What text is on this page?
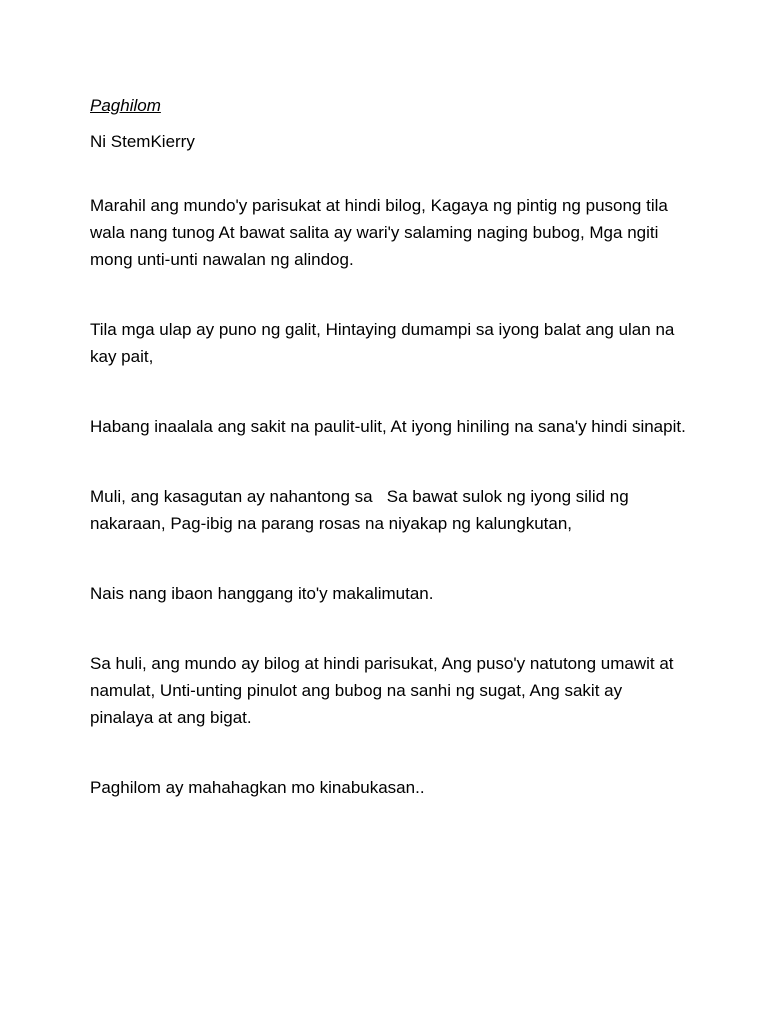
Paghilom
Ni StemKierry

Marahil ang mundo'y parisukat at hindi bilog, Kagaya ng pintig ng pusong tila wala nang tunog At bawat salita ay wari'y salaming naging bubog, Mga ngiti mong unti-unti nawalan ng alindog.

Tila mga ulap ay puno ng galit, Hintaying dumampi sa iyong balat ang ulan na kay pait,

Habang inaalala ang sakit na paulit-ulit, At iyong hiniling na sana'y hindi sinapit.

Muli, ang kasagutan ay nahantong sa   Sa bawat sulok ng iyong silid ng nakaraan, Pag-ibig na parang rosas na niyakap ng kalungkutan,

Nais nang ibaon hanggang ito'y makalimutan.

Sa huli, ang mundo ay bilog at hindi parisukat, Ang puso'y natutong umawit at namulat, Unti-unting pinulot ang bubog na sanhi ng sugat, Ang sakit ay pinalaya at ang bigat.

Paghilom ay mahahagkan mo kinabukasan..
